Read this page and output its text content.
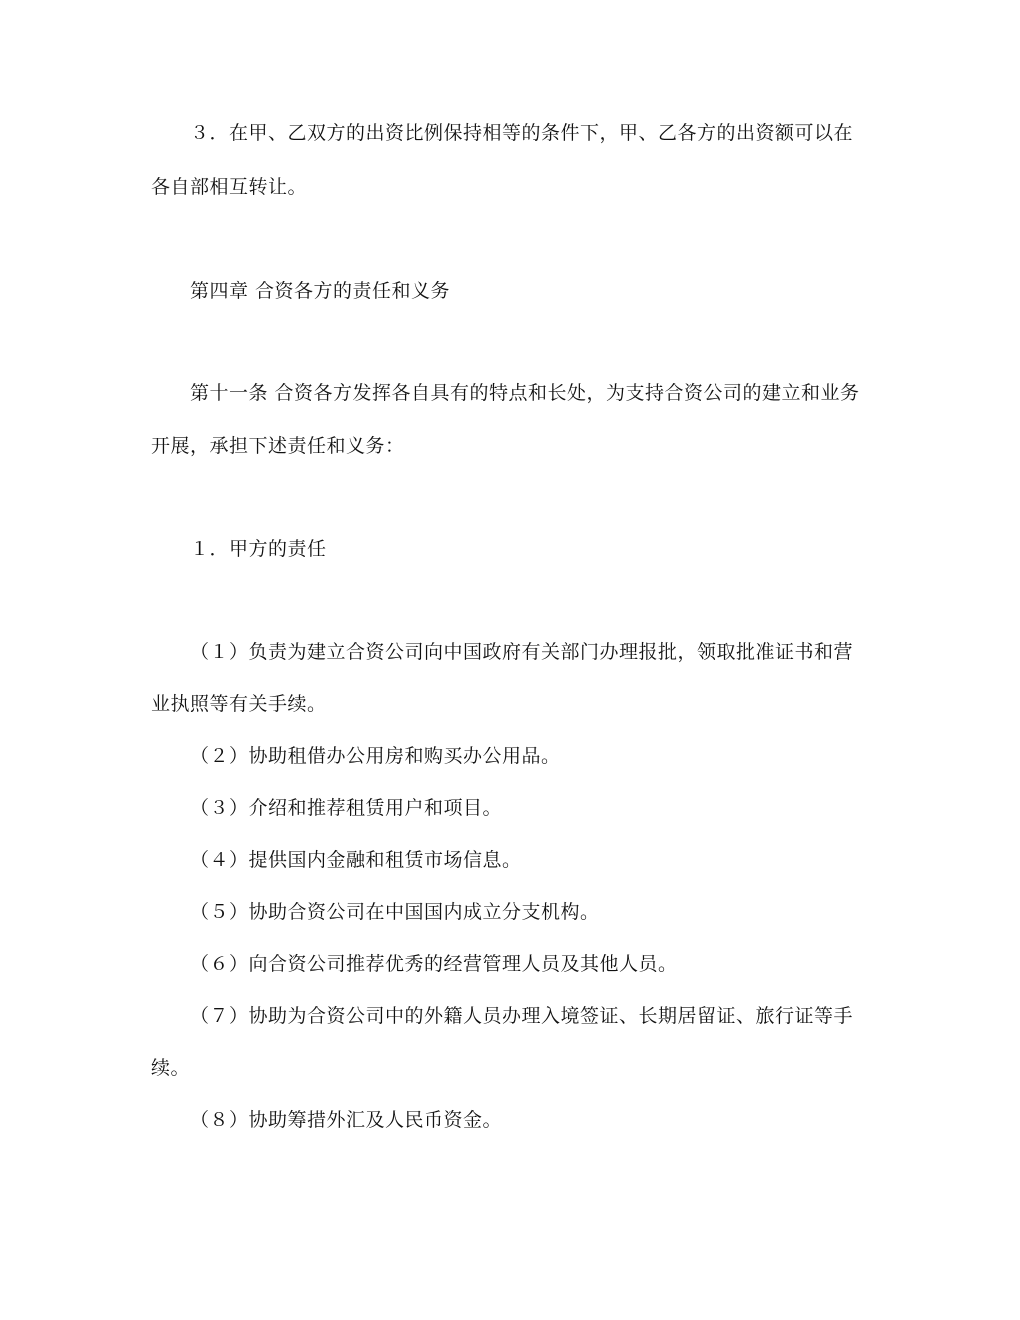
３．在甲、乙双方的出资比例保持相等的条件下，甲、乙各方的出资额可以在
各自部相互转让。
第四章 合资各方的责任和义务
第十一条 合资各方发挥各自具有的特点和长处，为支持合资公司的建立和业务
开展，承担下述责任和义务：
１．甲方的责任
（１）负责为建立合资公司向中国政府有关部门办理报批，领取批准证书和营
业执照等有关手续。
（２）协助租借办公用房和购买办公用品。
（３）介绍和推荐租赁用户和项目。
（４）提供国内金融和租赁市场信息。
（５）协助合资公司在中国国内成立分支机构。
（６）向合资公司推荐优秀的经营管理人员及其他人员。
（７）协助为合资公司中的外籍人员办理入境签证、长期居留证、旅行证等手
续。
（８）协助筹措外汇及人民币资金。
